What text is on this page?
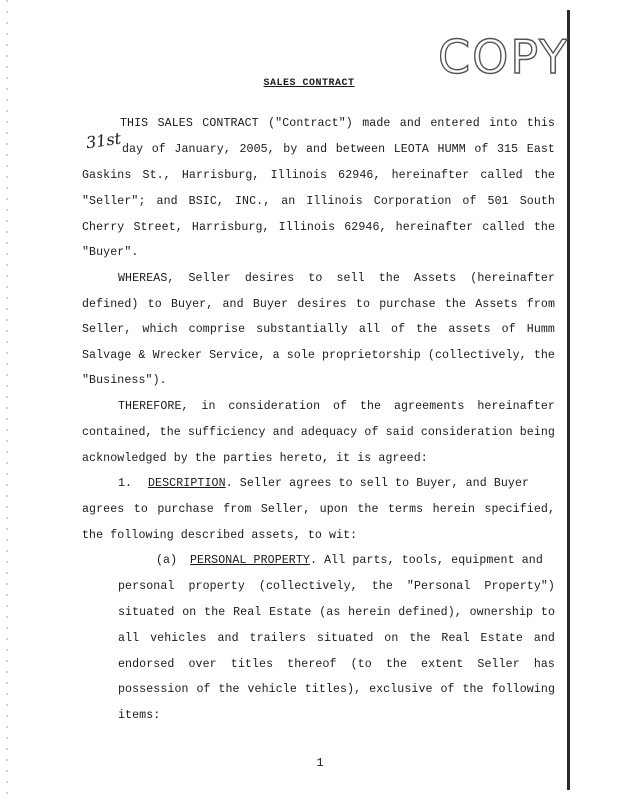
COPY
SALES CONTRACT
THIS SALES CONTRACT ("Contract") made and entered into this
31st day of January, 2005, by and between LEOTA HUMM of 315 East
Gaskins St., Harrisburg, Illinois 62946, hereinafter called the
"Seller"; and BSIC, INC., an Illinois Corporation of 501 South
Cherry Street, Harrisburg, Illinois 62946, hereinafter called the
"Buyer".
WHEREAS, Seller desires to sell the Assets (hereinafter
defined) to Buyer, and Buyer desires to purchase the Assets from
Seller, which comprise substantially all of the assets of Humm
Salvage & Wrecker Service, a sole proprietorship (collectively, the
"Business").
THEREFORE, in consideration of the agreements hereinafter
contained, the sufficiency and adequacy of said consideration being
acknowledged by the parties hereto, it is agreed:
1. DESCRIPTION. Seller agrees to sell to Buyer, and Buyer
agrees to purchase from Seller, upon the terms herein specified,
the following described assets, to wit:
(a) PERSONAL PROPERTY. All parts, tools, equipment and
personal property (collectively, the "Personal Property")
situated on the Real Estate (as herein defined), ownership to
all vehicles and trailers situated on the Real Estate and
endorsed over titles thereof (to the extent Seller has
possession of the vehicle titles), exclusive of the following
items:
1
